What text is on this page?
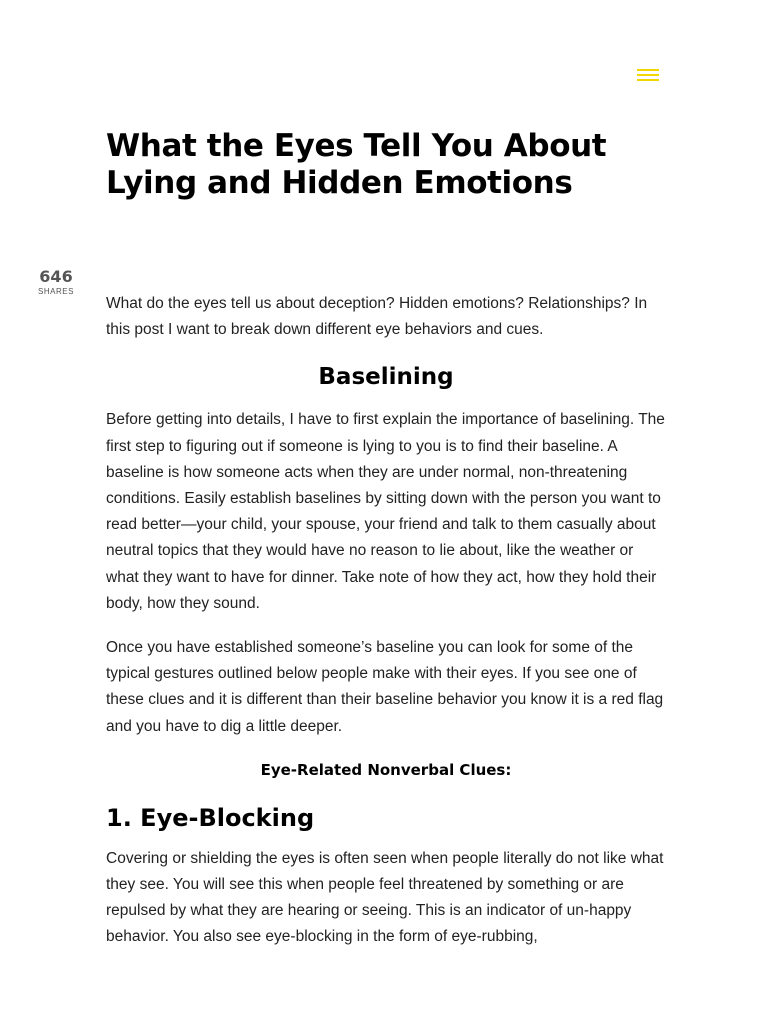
646
SHARES
What the Eyes Tell You About Lying and Hidden Emotions

What do the eyes tell us about deception? Hidden emotions? Relationships? In this post I want to break down different eye behaviors and cues.

Baselining

Before getting into details, I have to first explain the importance of baselining. The first step to figuring out if someone is lying to you is to find their baseline. A baseline is how someone acts when they are under normal, non-threatening conditions. Easily establish baselines by sitting down with the person you want to read better—your child, your spouse, your friend and talk to them casually about neutral topics that they would have no reason to lie about, like the weather or what they want to have for dinner. Take note of how they act, how they hold their body, how they sound.

Once you have established someone’s baseline you can look for some of the typical gestures outlined below people make with their eyes. If you see one of these clues and it is different than their baseline behavior you know it is a red flag and you have to dig a little deeper.

Eye-Related Nonverbal Clues:
1. Eye-Blocking

Covering or shielding the eyes is often seen when people literally do not like what they see. You will see this when people feel threatened by something or are repulsed by what they are hearing or seeing. This is an indicator of un-happy behavior. You also see eye-blocking in the form of eye-rubbing,
